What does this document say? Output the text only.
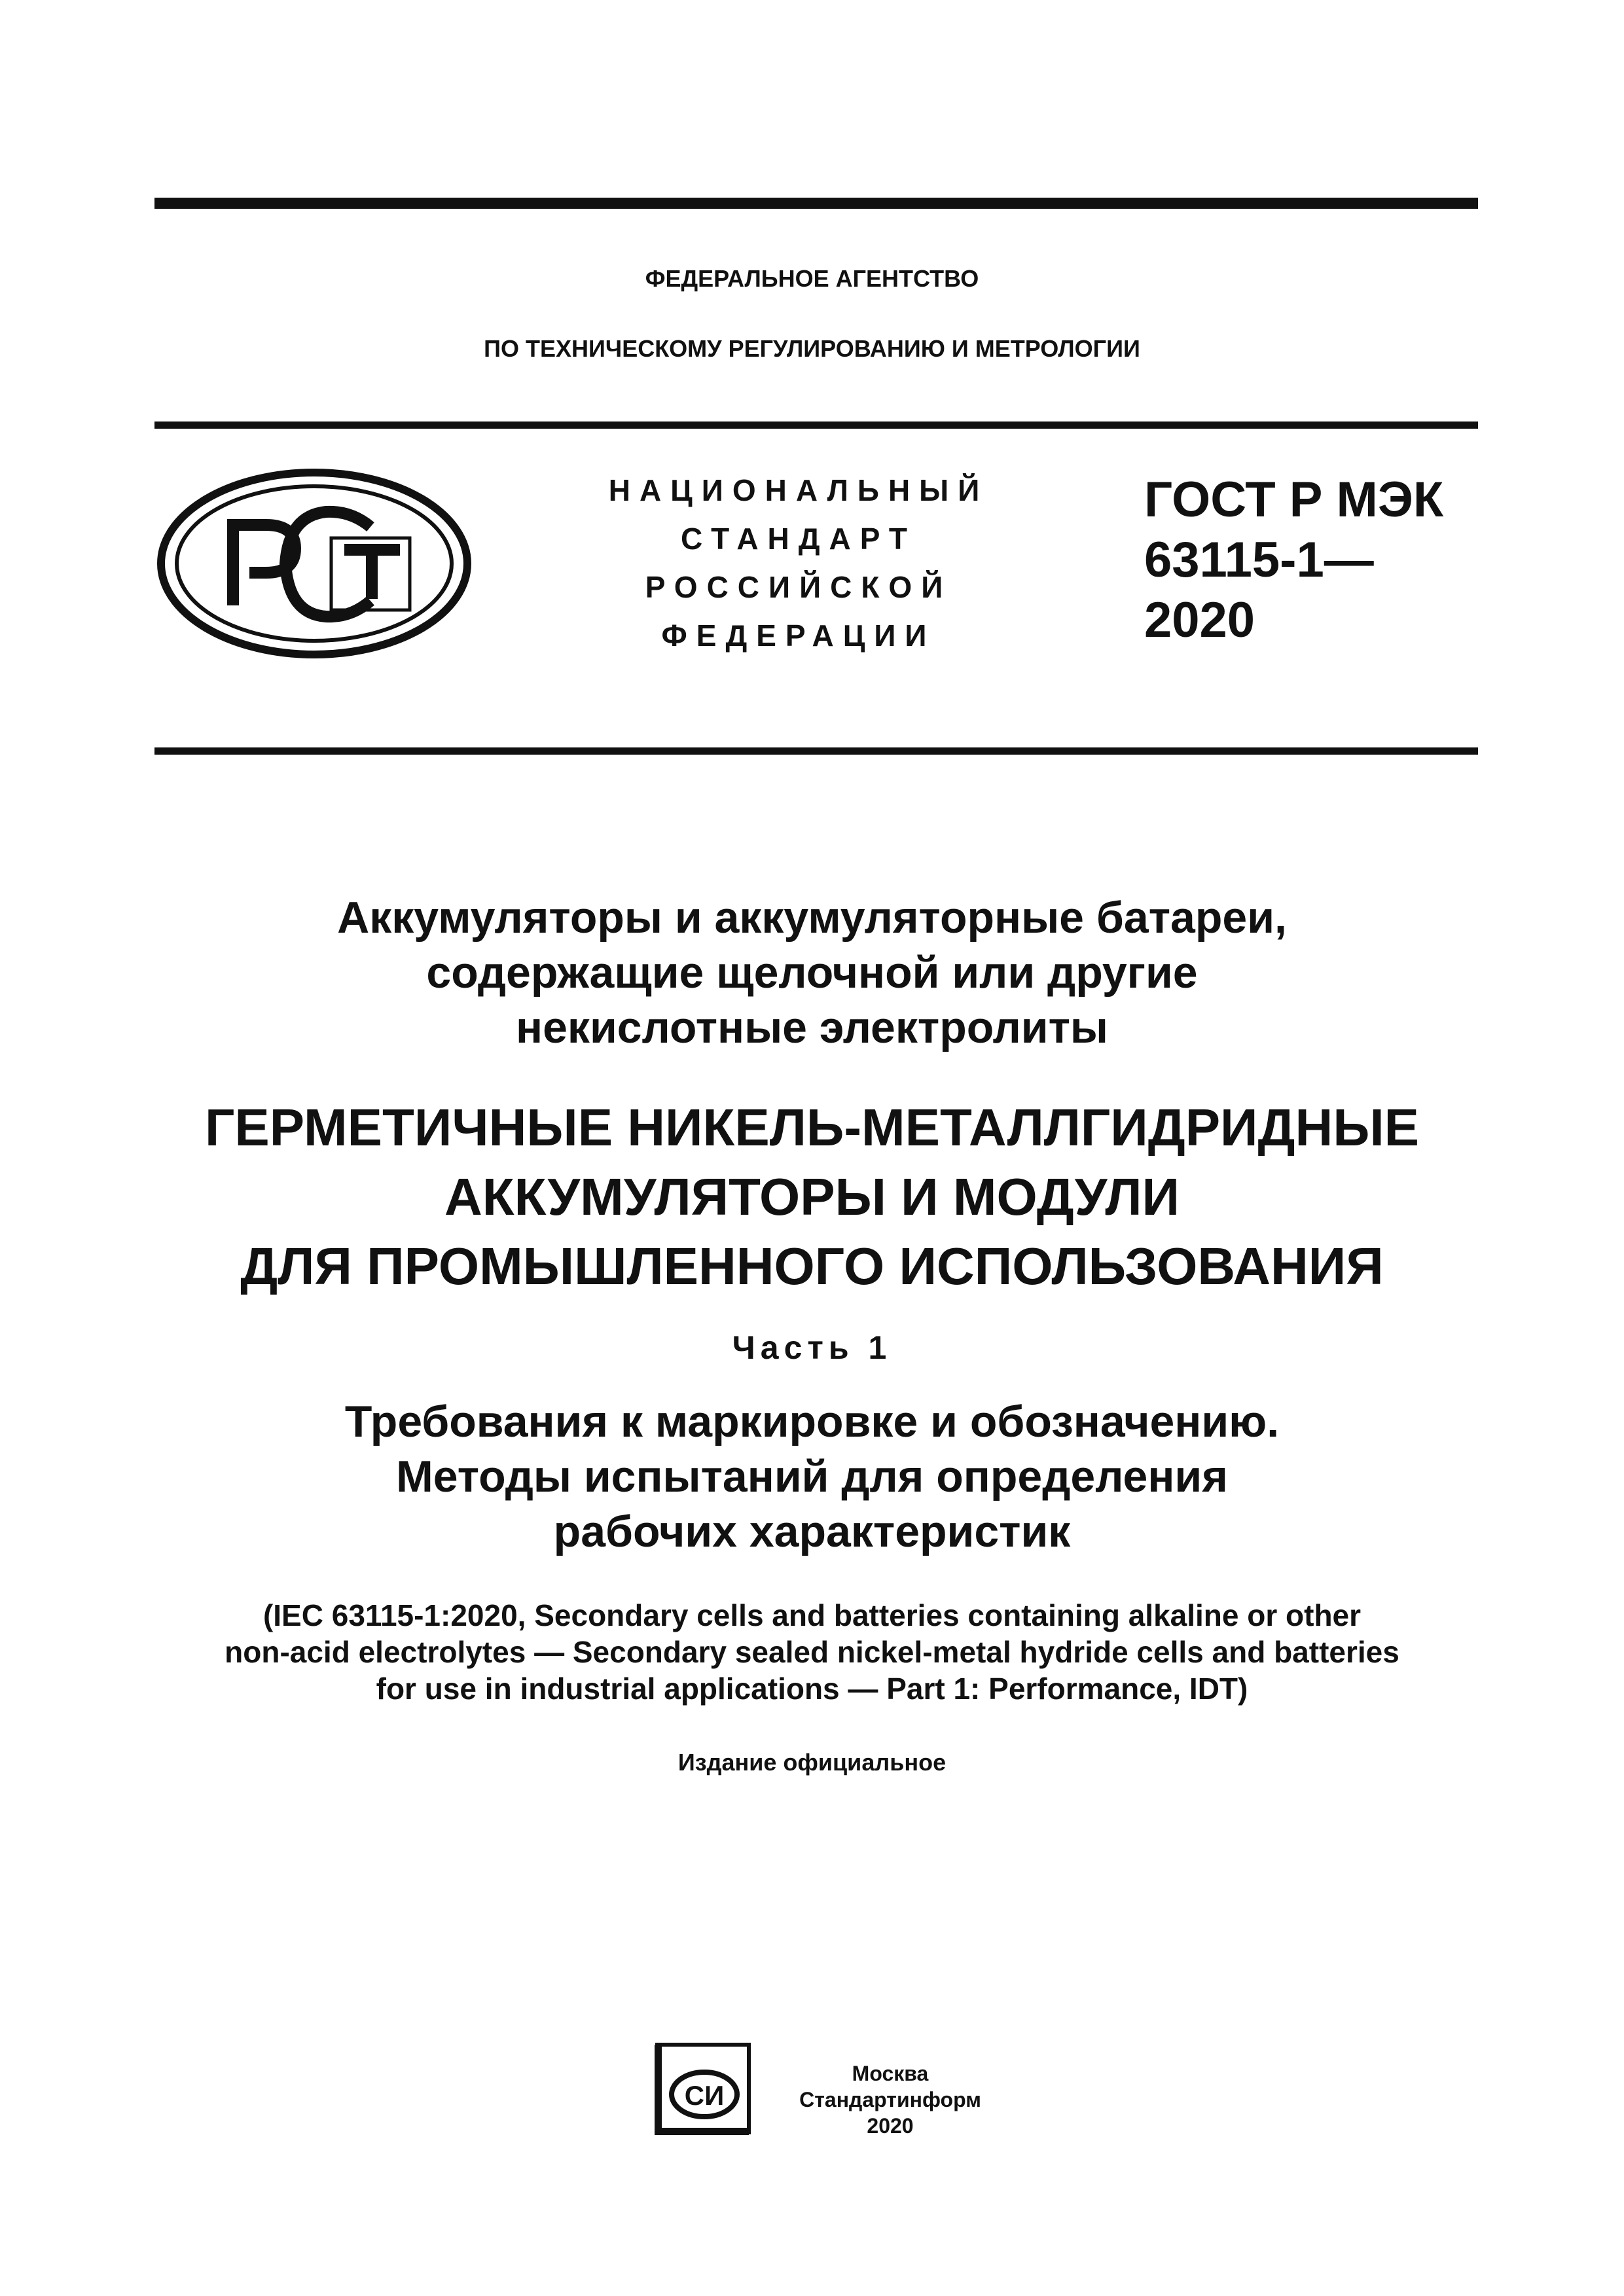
ФЕДЕРАЛЬНОЕ АГЕНТСТВО
ПО ТЕХНИЧЕСКОМУ РЕГУЛИРОВАНИЮ И МЕТРОЛОГИИ
НАЦИОНАЛЬНЫЙ
СТАНДАРТ
РОССИЙСКОЙ
ФЕДЕРАЦИИ
ГОСТ Р МЭК
63115-1—
2020
Аккумуляторы и аккумуляторные батареи,
содержащие щелочной или другие
некислотные электролиты
ГЕРМЕТИЧНЫЕ НИКЕЛЬ-МЕТАЛЛГИДРИДНЫЕ
АККУМУЛЯТОРЫ И МОДУЛИ
ДЛЯ ПРОМЫШЛЕННОГО ИСПОЛЬЗОВАНИЯ
Часть 1
Требования к маркировке и обозначению.
Методы испытаний для определения
рабочих характеристик
(IEC 63115-1:2020, Secondary cells and batteries containing alkaline or other
non-acid electrolytes — Secondary sealed nickel-metal hydride cells and batteries
for use in industrial applications — Part 1: Performance, IDT)
Издание официальное
СИ
Москва
Стандартинформ
2020
